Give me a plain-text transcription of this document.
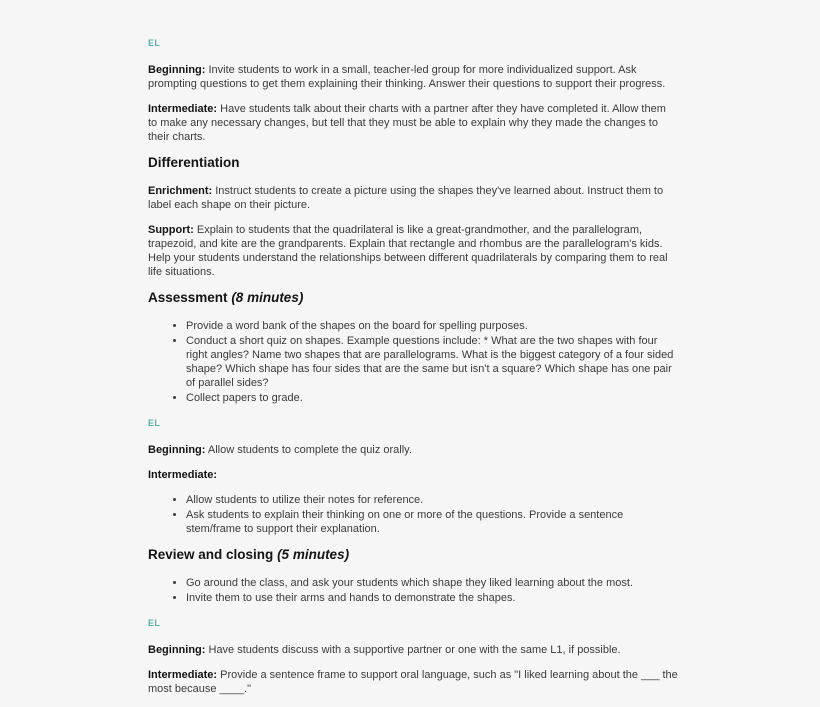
EL

Beginning: Invite students to work in a small, teacher-led group for more individualized support. Ask prompting questions to get them explaining their thinking. Answer their questions to support their progress.

Intermediate: Have students talk about their charts with a partner after they have completed it. Allow them to make any necessary changes, but tell that they must be able to explain why they made the changes to their charts.

Differentiation

Enrichment: Instruct students to create a picture using the shapes they've learned about. Instruct them to label each shape on their picture.

Support: Explain to students that the quadrilateral is like a great-grandmother, and the parallelogram, trapezoid, and kite are the grandparents. Explain that rectangle and rhombus are the parallelogram's kids. Help your students understand the relationships between different quadrilaterals by comparing them to real life situations.

Assessment (8 minutes)
• Provide a word bank of the shapes on the board for spelling purposes.
• Conduct a short quiz on shapes. Example questions include: * What are the two shapes with four right angles? Name two shapes that are parallelograms. What is the biggest category of a four sided shape? Which shape has four sides that are the same but isn't a square? Which shape has one pair of parallel sides?
• Collect papers to grade.
EL

Beginning: Allow students to complete the quiz orally.

Intermediate:

• Allow students to utilize their notes for reference.
• Ask students to explain their thinking on one or more of the questions. Provide a sentence stem/frame to support their explanation.
Review and closing (5 minutes)
• Go around the class, and ask your students which shape they liked learning about the most.
• Invite them to use their arms and hands to demonstrate the shapes.
EL

Beginning: Have students discuss with a supportive partner or one with the same L1, if possible.

Intermediate: Provide a sentence frame to support oral language, such as "I liked learning about the ___ the most because ____."
